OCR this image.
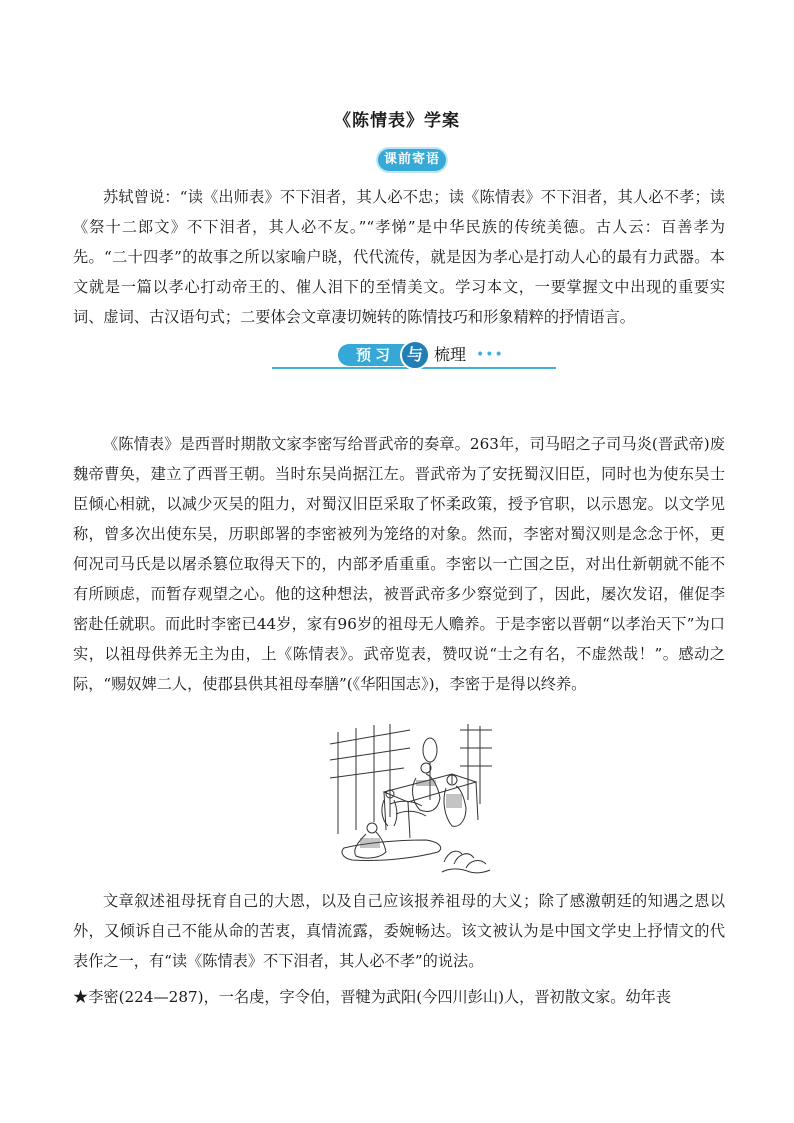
《陈情表》学案
课前寄语

苏轼曾说：“读《出师表》不下泪者，其人必不忠；读《陈情表》不下泪者，其人必不孝；读《祭十二郎文》不下泪者，其人必不友。”“孝悌”是中华民族的传统美德。古人云：百善孝为先。“二十四孝”的故事之所以家喻户晓，代代流传，就是因为孝心是打动人心的最有力武器。本文就是一篇以孝心打动帝王的、催人泪下的至情美文。学习本文，一要掌握文中出现的重要实词、虚词、古汉语句式；二要体会文章凄切婉转的陈情技巧和形象精粹的抒情语言。

预习 与 梳理 •••

《陈情表》是西晋时期散文家李密写给晋武帝的奏章。263年，司马昭之子司马炎(晋武帝)废魏帝曹奂，建立了西晋王朝。当时东吴尚据江左。晋武帝为了安抚蜀汉旧臣，同时也为使东吴士臣倾心相就，以减少灭吴的阻力，对蜀汉旧臣采取了怀柔政策，授予官职，以示恩宠。以文学见称，曾多次出使东吴，历职郎署的李密被列为笼络的对象。然而，李密对蜀汉则是念念于怀，更何况司马氏是以屠杀篡位取得天下的，内部矛盾重重。李密以一亡国之臣，对出仕新朝就不能不有所顾虑，而暂存观望之心。他的这种想法，被晋武帝多少察觉到了，因此，屡次发诏，催促李密赴任就职。而此时李密已44岁，家有96岁的祖母无人赡养。于是李密以晋朝“以孝治天下”为口实，以祖母供养无主为由，上《陈情表》。武帝览表，赞叹说“士之有名，不虚然哉！”。感动之际，“赐奴婢二人，使郡县供其祖母奉膳”(《华阳国志》)，李密于是得以终养。

文章叙述祖母抚育自己的大恩，以及自己应该报养祖母的大义；除了感激朝廷的知遇之恩以外，又倾诉自己不能从命的苦衷，真情流露，委婉畅达。该文被认为是中国文学史上抒情文的代表作之一，有“读《陈情表》不下泪者，其人必不孝”的说法。

★李密(224—287)，一名虔，字令伯，晋犍为武阳(今四川彭山)人，晋初散文家。幼年丧
